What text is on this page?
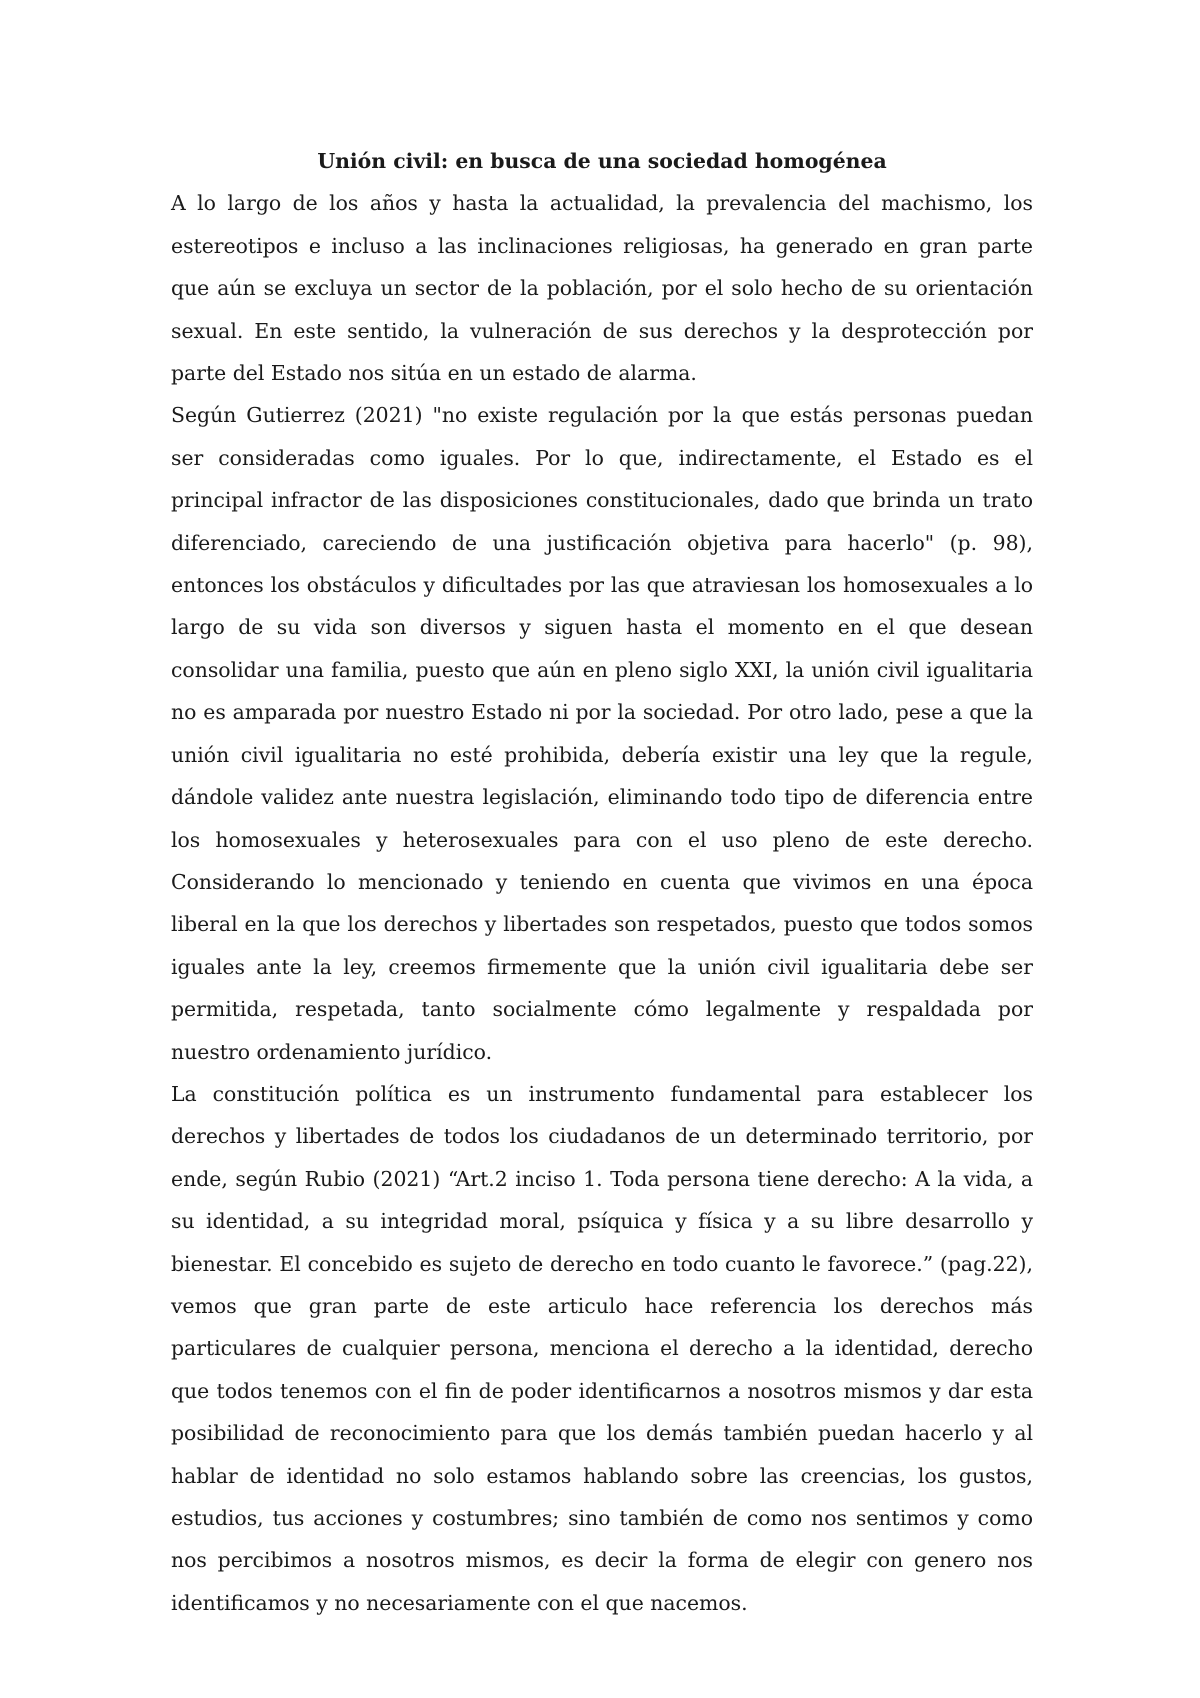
Unión civil: en busca de una sociedad homogénea

A lo largo de los años y hasta la actualidad, la prevalencia del machismo, los estereotipos e incluso a las inclinaciones religiosas, ha generado en gran parte que aún se excluya un sector de la población, por el solo hecho de su orientación sexual. En este sentido, la vulneración de sus derechos y la desprotección por parte del Estado nos sitúa en un estado de alarma.

Según Gutierrez (2021) "no existe regulación por la que estás personas puedan ser consideradas como iguales. Por lo que, indirectamente, el Estado es el principal infractor de las disposiciones constitucionales, dado que brinda un trato diferenciado, careciendo de una justificación objetiva para hacerlo" (p. 98), entonces los obstáculos y dificultades por las que atraviesan los homosexuales a lo largo de su vida son diversos y siguen hasta el momento en el que desean consolidar una familia, puesto que aún en pleno siglo XXI, la unión civil igualitaria no es amparada por nuestro Estado ni por la sociedad. Por otro lado, pese a que la unión civil igualitaria no esté prohibida, debería existir una ley que la regule, dándole validez ante nuestra legislación, eliminando todo tipo de diferencia entre los homosexuales y heterosexuales para con el uso pleno de este derecho. Considerando lo mencionado y teniendo en cuenta que vivimos en una época liberal en la que los derechos y libertades son respetados, puesto que todos somos iguales ante la ley, creemos firmemente que la unión civil igualitaria debe ser permitida, respetada, tanto socialmente cómo legalmente y respaldada por nuestro ordenamiento jurídico.

La constitución política es un instrumento fundamental para establecer los derechos y libertades de todos los ciudadanos de un determinado territorio, por ende, según Rubio (2021) “Art.2 inciso 1. Toda persona tiene derecho: A la vida, a su identidad, a su integridad moral, psíquica y física y a su libre desarrollo y bienestar. El concebido es sujeto de derecho en todo cuanto le favorece.” (pag.22), vemos que gran parte de este articulo hace referencia los derechos más particulares de cualquier persona, menciona el derecho a la identidad, derecho que todos tenemos con el fin de poder identificarnos a nosotros mismos y dar esta posibilidad de reconocimiento para que los demás también puedan hacerlo y al hablar de identidad no solo estamos hablando sobre las creencias, los gustos, estudios, tus acciones y costumbres; sino también de como nos sentimos y como nos percibimos a nosotros mismos, es decir la forma de elegir con genero nos identificamos y no necesariamente con el que nacemos.
